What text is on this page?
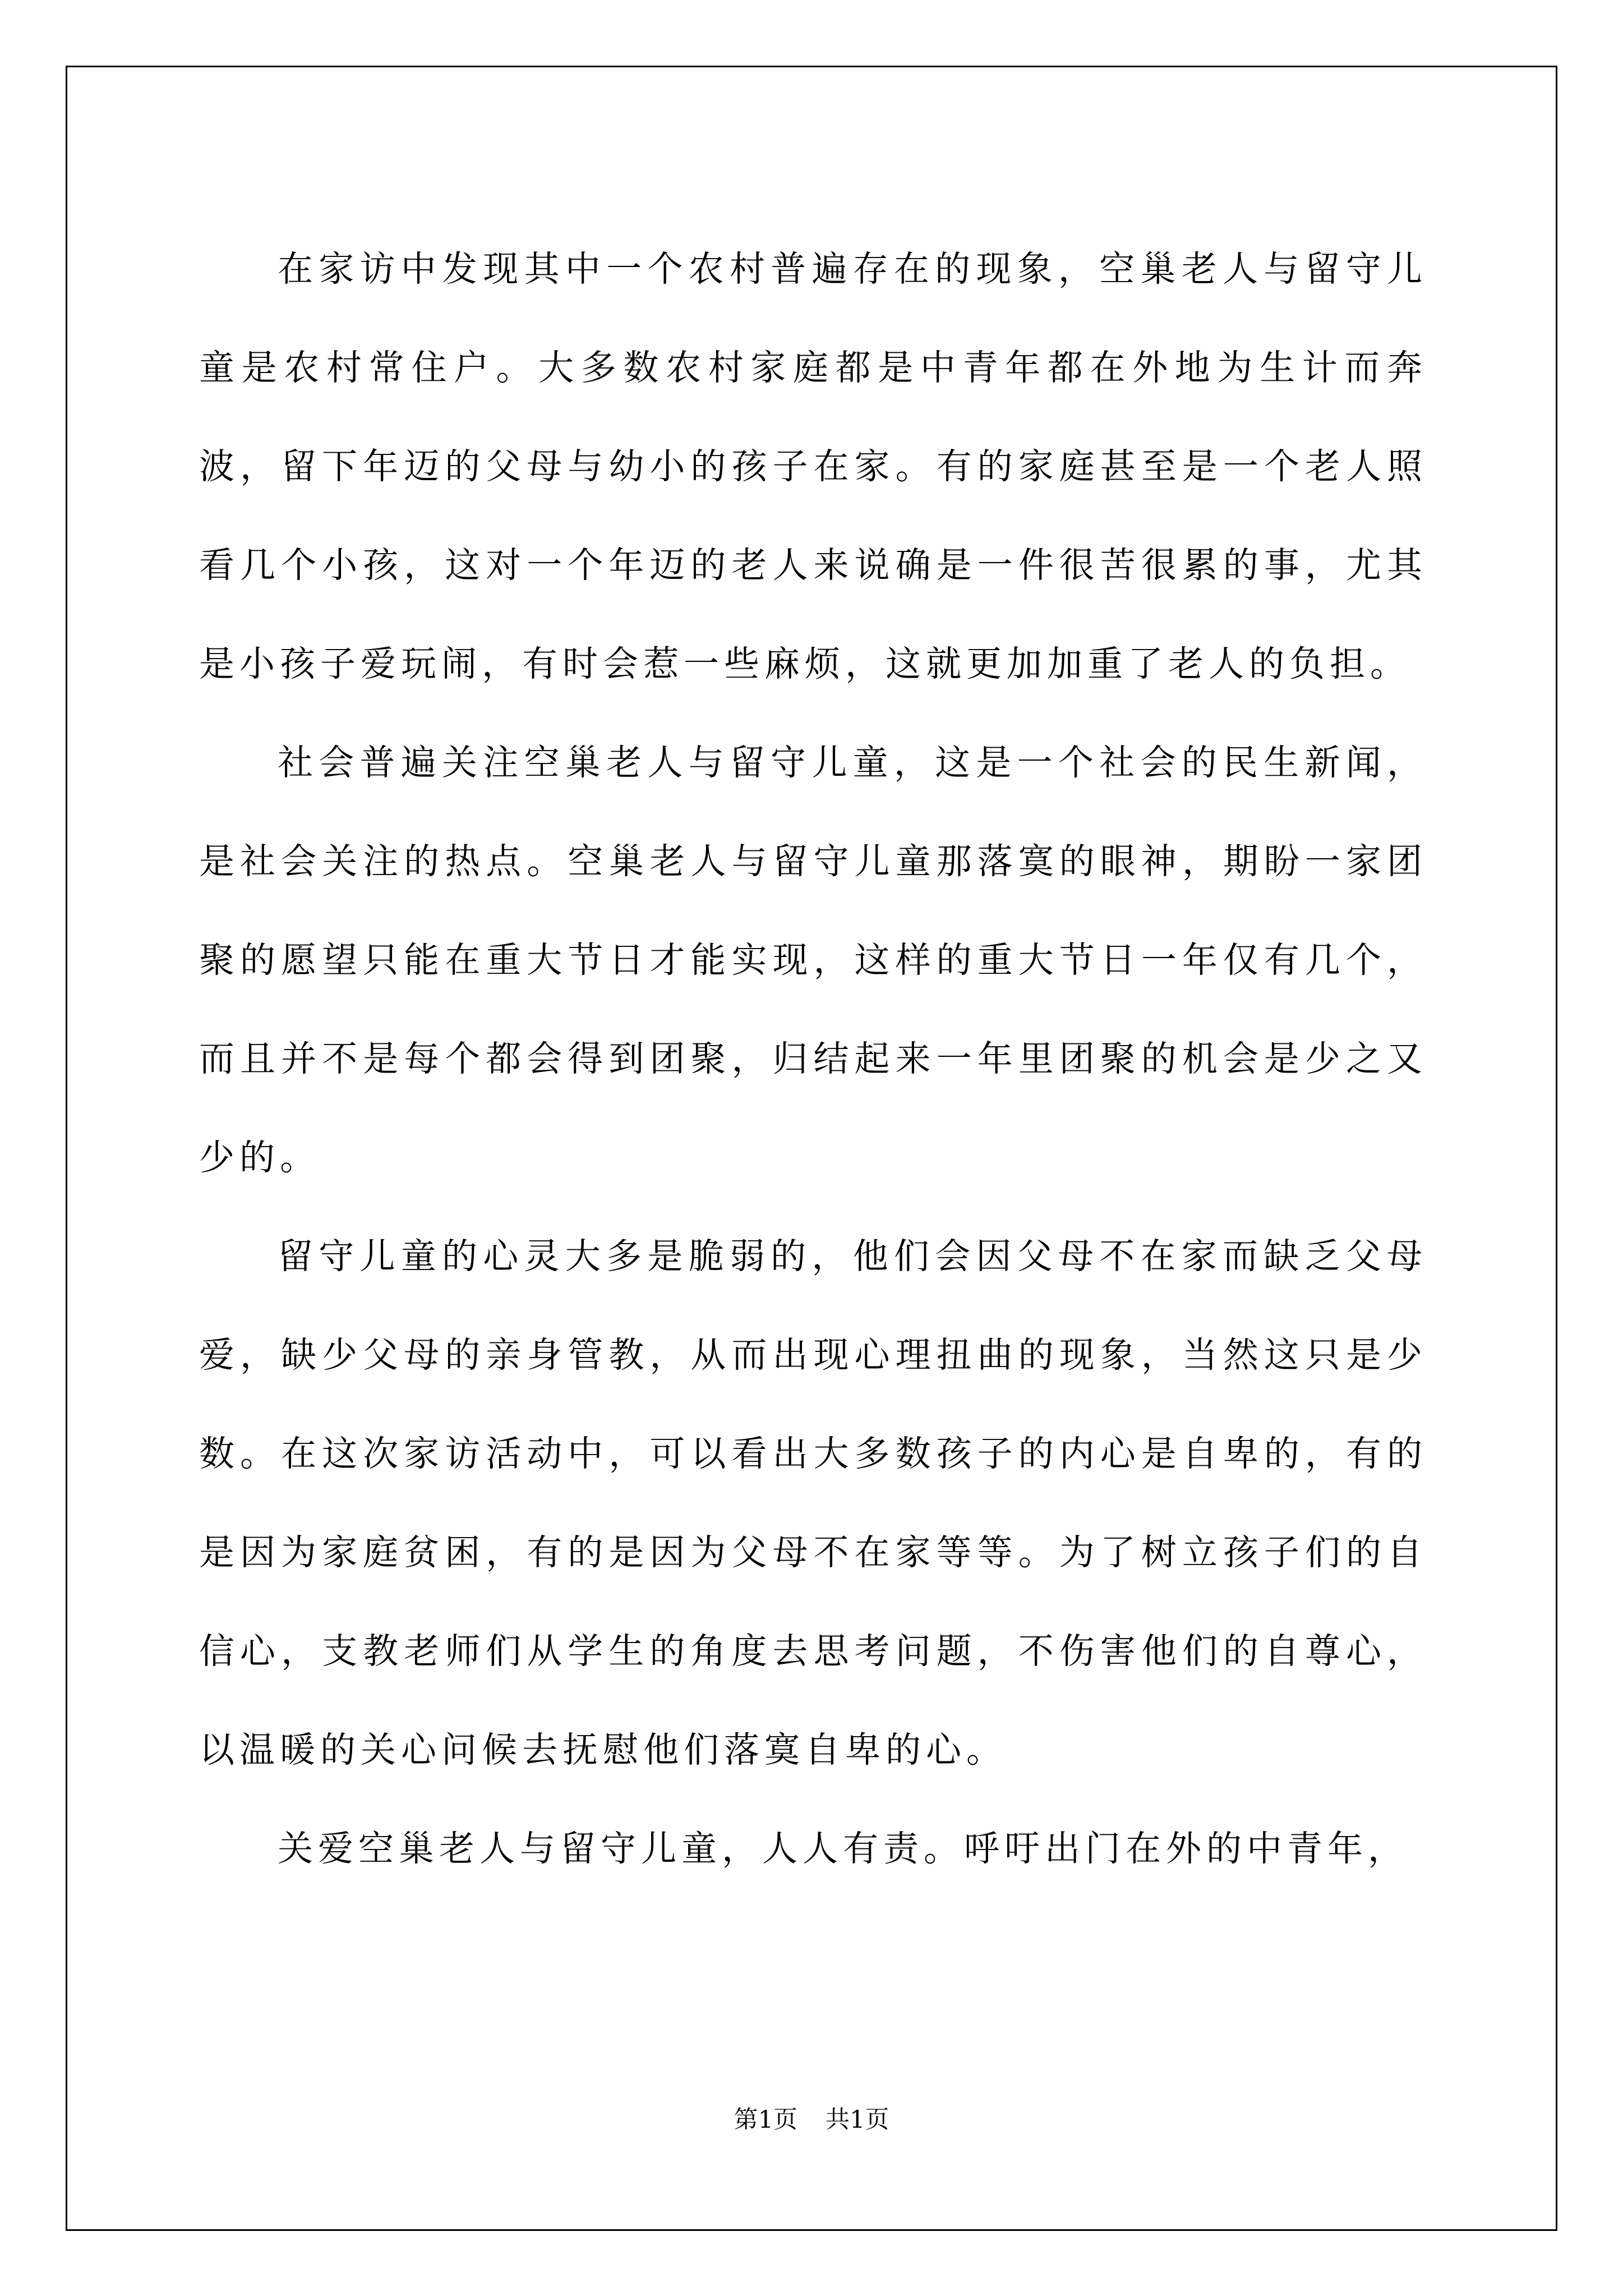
在家访中发现其中一个农村普遍存在的现象，空巢老人与留守儿童是农村常住户。大多数农村家庭都是中青年都在外地为生计而奔波，留下年迈的父母与幼小的孩子在家。有的家庭甚至是一个老人照看几个小孩，这对一个年迈的老人来说确是一件很苦很累的事，尤其是小孩子爱玩闹，有时会惹一些麻烦，这就更加加重了老人的负担。

社会普遍关注空巢老人与留守儿童，这是一个社会的民生新闻，是社会关注的热点。空巢老人与留守儿童那落寞的眼神，期盼一家团聚的愿望只能在重大节日才能实现，这样的重大节日一年仅有几个，而且并不是每个都会得到团聚，归结起来一年里团聚的机会是少之又少的。

留守儿童的心灵大多是脆弱的，他们会因父母不在家而缺乏父母爱，缺少父母的亲身管教，从而出现心理扭曲的现象，当然这只是少数。在这次家访活动中，可以看出大多数孩子的内心是自卑的，有的是因为家庭贫困，有的是因为父母不在家等等。为了树立孩子们的自信心，支教老师们从学生的角度去思考问题，不伤害他们的自尊心，以温暖的关心问候去抚慰他们落寞自卑的心。

关爱空巢老人与留守儿童，人人有责。呼吁出门在外的中青年，

第1页 共1页
